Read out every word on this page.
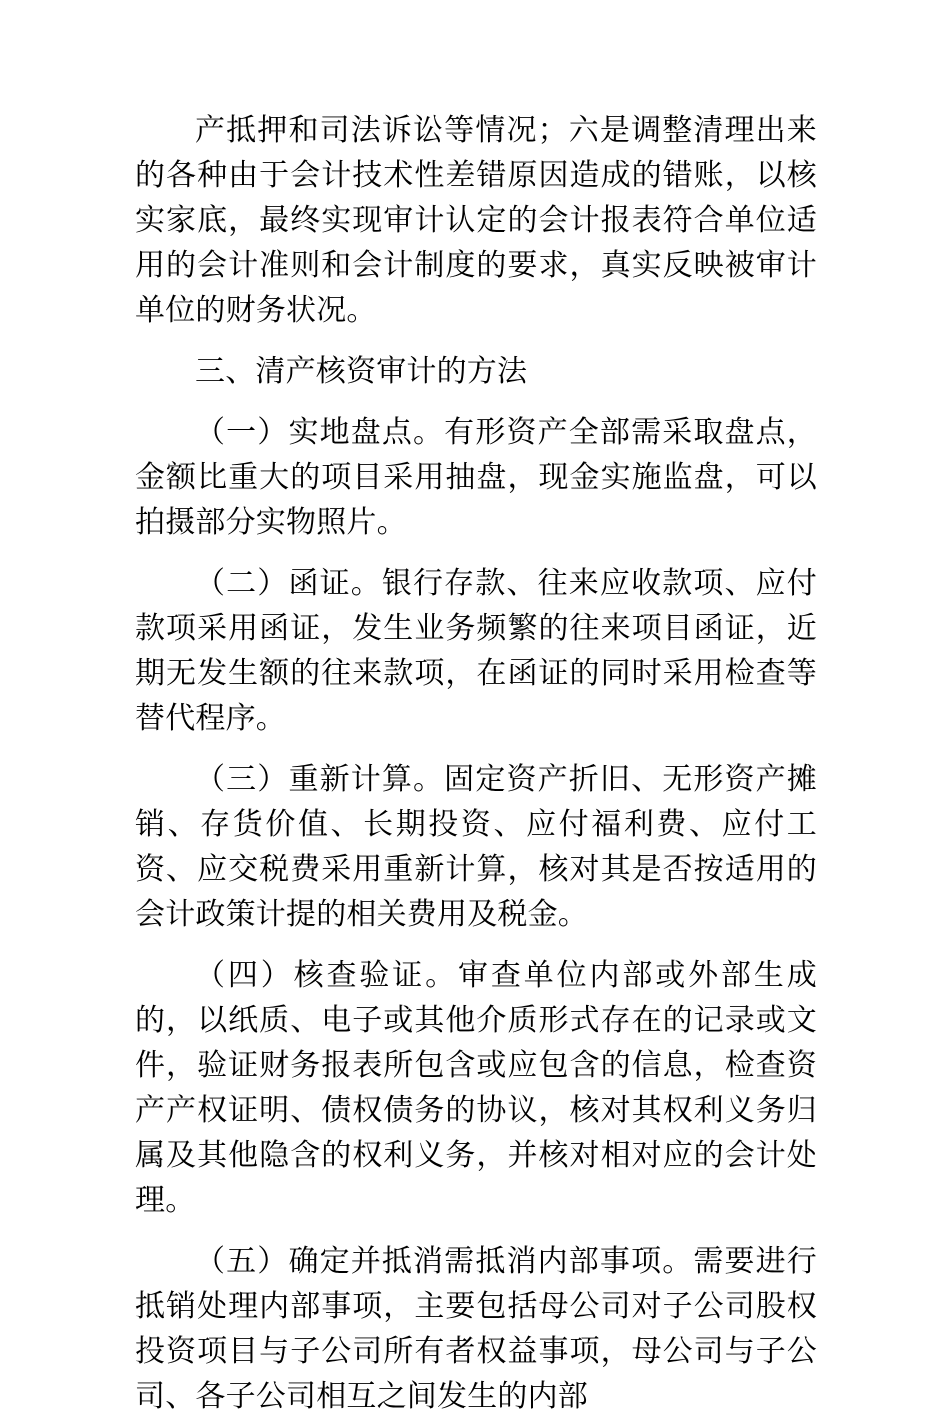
产抵押和司法诉讼等情况；六是调整清理出来的各种由于会计技术性差错原因造成的错账，以核实家底，最终实现审计认定的会计报表符合单位适用的会计准则和会计制度的要求，真实反映被审计单位的财务状况。

三、清产核资审计的方法

（一）实地盘点。有形资产全部需采取盘点，金额比重大的项目采用抽盘，现金实施监盘，可以拍摄部分实物照片。

（二）函证。银行存款、往来应收款项、应付款项采用函证，发生业务频繁的往来项目函证，近期无发生额的往来款项，在函证的同时采用检查等替代程序。

（三）重新计算。固定资产折旧、无形资产摊销、存货价值、长期投资、应付福利费、应付工资、应交税费采用重新计算，核对其是否按适用的会计政策计提的相关费用及税金。

（四）核查验证。审查单位内部或外部生成的，以纸质、电子或其他介质形式存在的记录或文件，验证财务报表所包含或应包含的信息，检查资产产权证明、债权债务的协议，核对其权利义务归属及其他隐含的权利义务，并核对相对应的会计处理。

（五）确定并抵消需抵消内部事项。需要进行抵销处理内部事项，主要包括母公司对子公司股权投资项目与子公司所有者权益事项，母公司与子公司、各子公司相互之间发生的内部
